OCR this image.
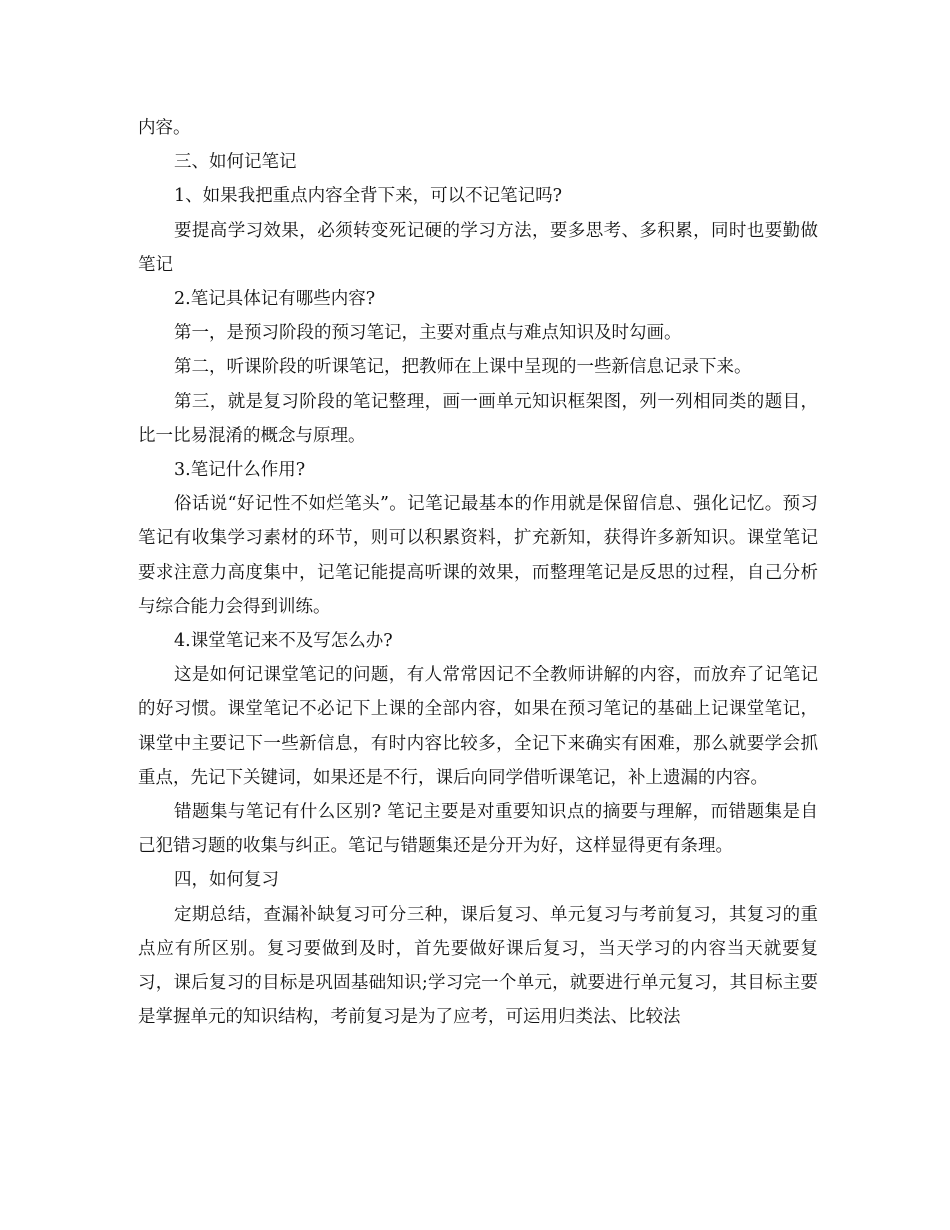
内容。

三、如何记笔记

1、如果我把重点内容全背下来，可以不记笔记吗?

要提高学习效果，必须转变死记硬的学习方法，要多思考、多积累，同时也要勤做笔记

2.笔记具体记有哪些内容?

第一，是预习阶段的预习笔记，主要对重点与难点知识及时勾画。

第二，听课阶段的听课笔记，把教师在上课中呈现的一些新信息记录下来。

第三，就是复习阶段的笔记整理，画一画单元知识框架图，列一列相同类的题目，比一比易混淆的概念与原理。

3.笔记什么作用?

俗话说“好记性不如烂笔头”。记笔记最基本的作用就是保留信息、强化记忆。预习笔记有收集学习素材的环节，则可以积累资料，扩充新知，获得许多新知识。课堂笔记要求注意力高度集中，记笔记能提高听课的效果，而整理笔记是反思的过程，自己分析与综合能力会得到训练。

4.课堂笔记来不及写怎么办?

这是如何记课堂笔记的问题，有人常常因记不全教师讲解的内容，而放弃了记笔记的好习惯。课堂笔记不必记下上课的全部内容，如果在预习笔记的基础上记课堂笔记，课堂中主要记下一些新信息，有时内容比较多，全记下来确实有困难，那么就要学会抓重点，先记下关键词，如果还是不行，课后向同学借听课笔记，补上遗漏的内容。

错题集与笔记有什么区别? 笔记主要是对重要知识点的摘要与理解，而错题集是自己犯错习题的收集与纠正。笔记与错题集还是分开为好，这样显得更有条理。

四，如何复习

定期总结，查漏补缺复习可分三种，课后复习、单元复习与考前复习，其复习的重点应有所区别。复习要做到及时，首先要做好课后复习，当天学习的内容当天就要复习，课后复习的目标是巩固基础知识;学习完一个单元，就要进行单元复习，其目标主要是掌握单元的知识结构，考前复习是为了应考，可运用归类法、比较法
